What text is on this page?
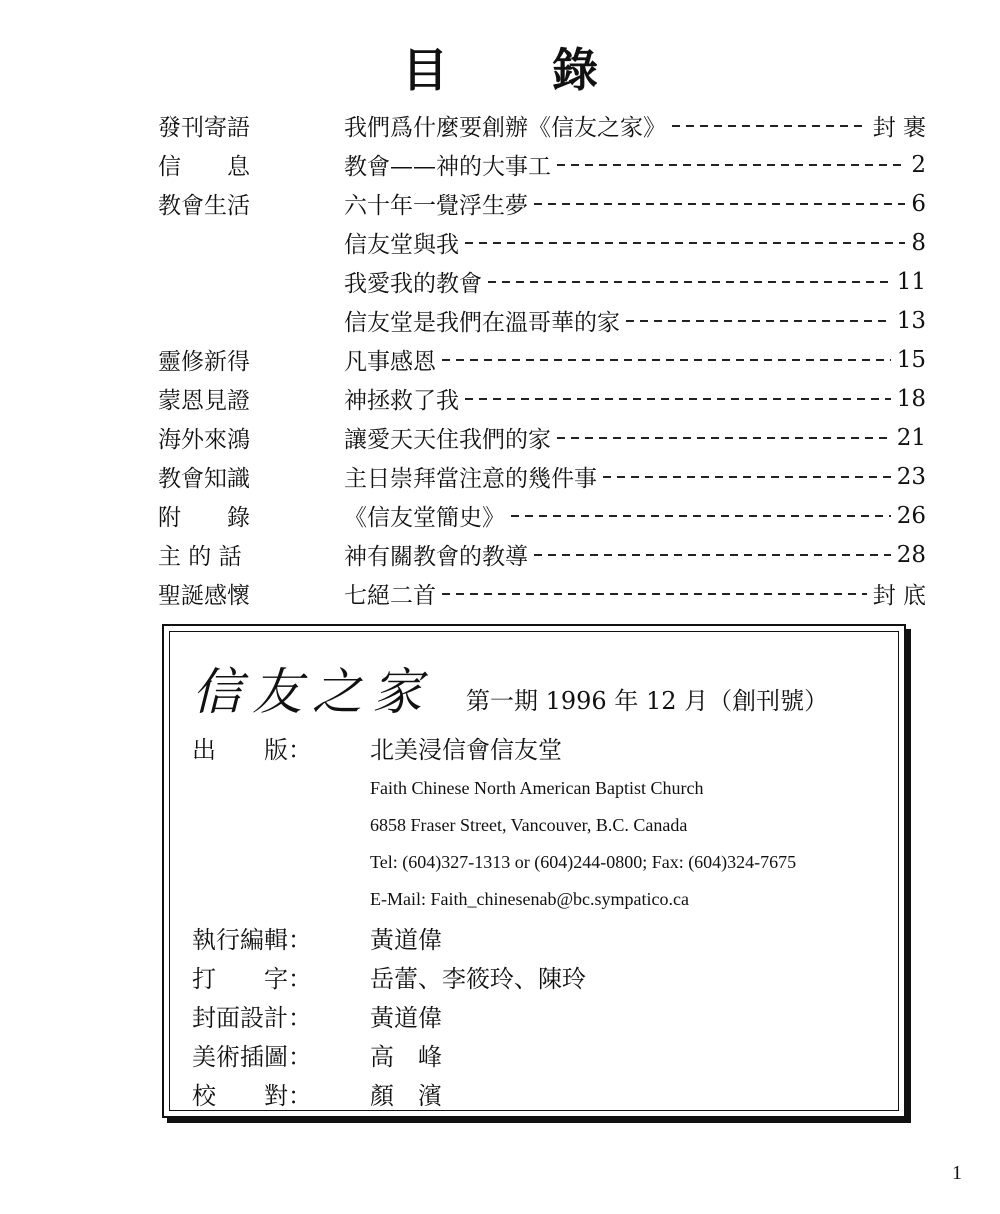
目 錄
發刊寄語	我們爲什麼要創辦《信友之家》	封 裹
信　　息	教會——神的大事工	2
教會生活	六十年一覺浮生夢	6
信友堂與我	8
我愛我的教會	11
信友堂是我們在溫哥華的家	13
靈修新得	凡事感恩	15
蒙恩見證	神拯救了我	18
海外來鴻	讓愛天天住我們的家	21
教會知識	主日崇拜當注意的幾件事	23
附　　錄	《信友堂簡史》	26
主 的 話	神有關教會的教導	28
聖誕感懷	七絕二首	封 底
信友之家 第一期 1996 年 12 月（創刊號）
出　　版：	北美浸信會信友堂
Faith Chinese North American Baptist Church
6858 Fraser Street, Vancouver, B.C. Canada
Tel: (604)327-1313 or (604)244-0800; Fax: (604)324-7675
E-Mail: Faith_chinesenab@bc.sympatico.ca
執行編輯：	黃道偉
打　　字：	岳蕾、李筱玲、陳玲
封面設計：	黃道偉
美術插圖：	高　峰
校　　對：	顏　濱
1
